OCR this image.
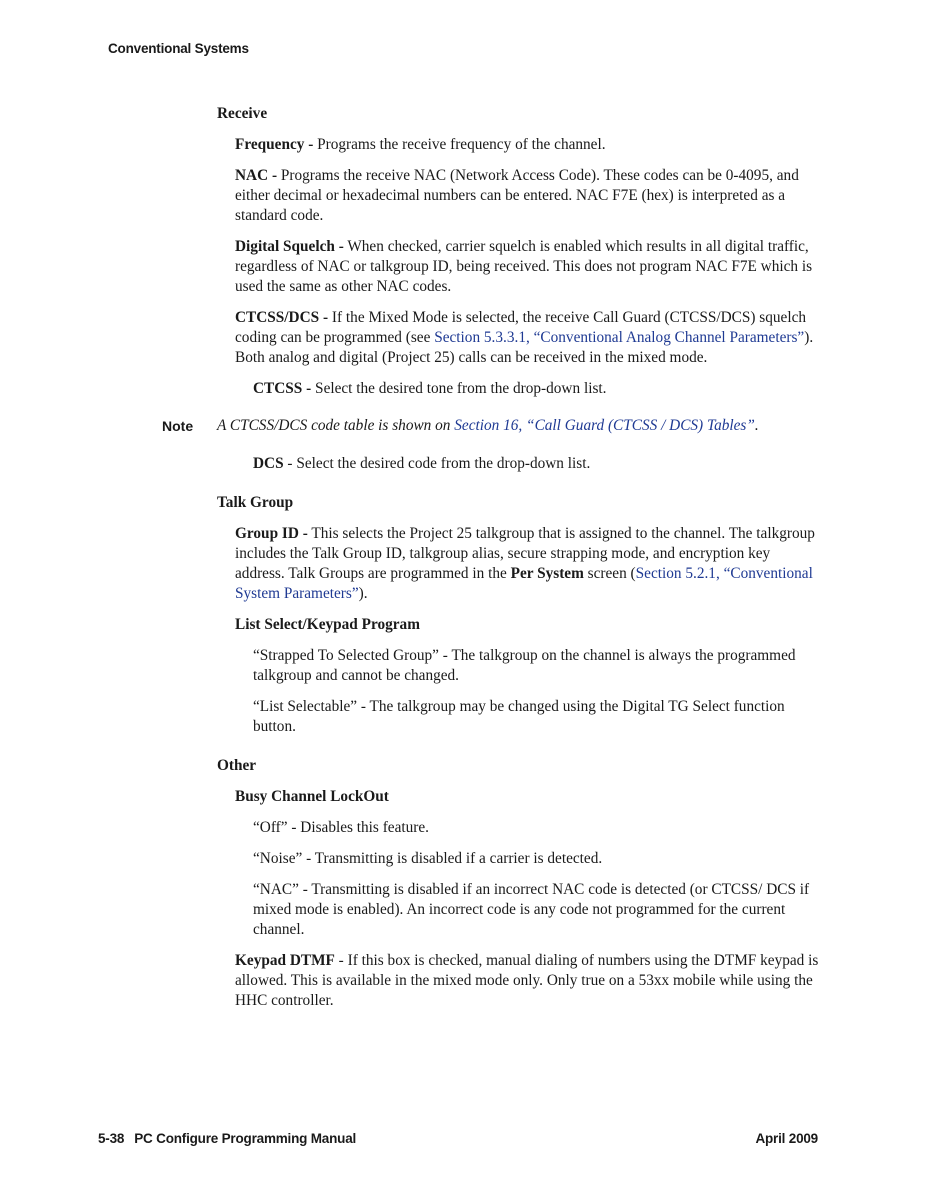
Conventional Systems
Receive
Frequency - Programs the receive frequency of the channel.
NAC - Programs the receive NAC (Network Access Code). These codes can be 0-4095, and either decimal or hexadecimal numbers can be entered. NAC F7E (hex) is interpreted as a standard code.
Digital Squelch - When checked, carrier squelch is enabled which results in all digital traffic, regardless of NAC or talkgroup ID, being received. This does not program NAC F7E which is used the same as other NAC codes.
CTCSS/DCS - If the Mixed Mode is selected, the receive Call Guard (CTCSS/DCS) squelch coding can be programmed (see Section 5.3.3.1, “Conventional Analog Channel Parameters”). Both analog and digital (Project 25) calls can be received in the mixed mode.
CTCSS - Select the desired tone from the drop-down list.
Note A CTCSS/DCS code table is shown on Section 16, “Call Guard (CTCSS / DCS) Tables”.
DCS - Select the desired code from the drop-down list.
Talk Group
Group ID - This selects the Project 25 talkgroup that is assigned to the channel. The talkgroup includes the Talk Group ID, talkgroup alias, secure strapping mode, and encryption key address. Talk Groups are programmed in the Per System screen (Section 5.2.1, “Conventional System Parameters”).
List Select/Keypad Program
“Strapped To Selected Group” - The talkgroup on the channel is always the programmed talkgroup and cannot be changed.
“List Selectable” - The talkgroup may be changed using the Digital TG Select function button.
Other
Busy Channel LockOut
“Off” - Disables this feature.
“Noise” - Transmitting is disabled if a carrier is detected.
“NAC” - Transmitting is disabled if an incorrect NAC code is detected (or CTCSS/ DCS if mixed mode is enabled). An incorrect code is any code not programmed for the current channel.
Keypad DTMF - If this box is checked, manual dialing of numbers using the DTMF keypad is allowed. This is available in the mixed mode only. Only true on a 53xx mobile while using the HHC controller.
5-38 PC Configure Programming Manual	April 2009
